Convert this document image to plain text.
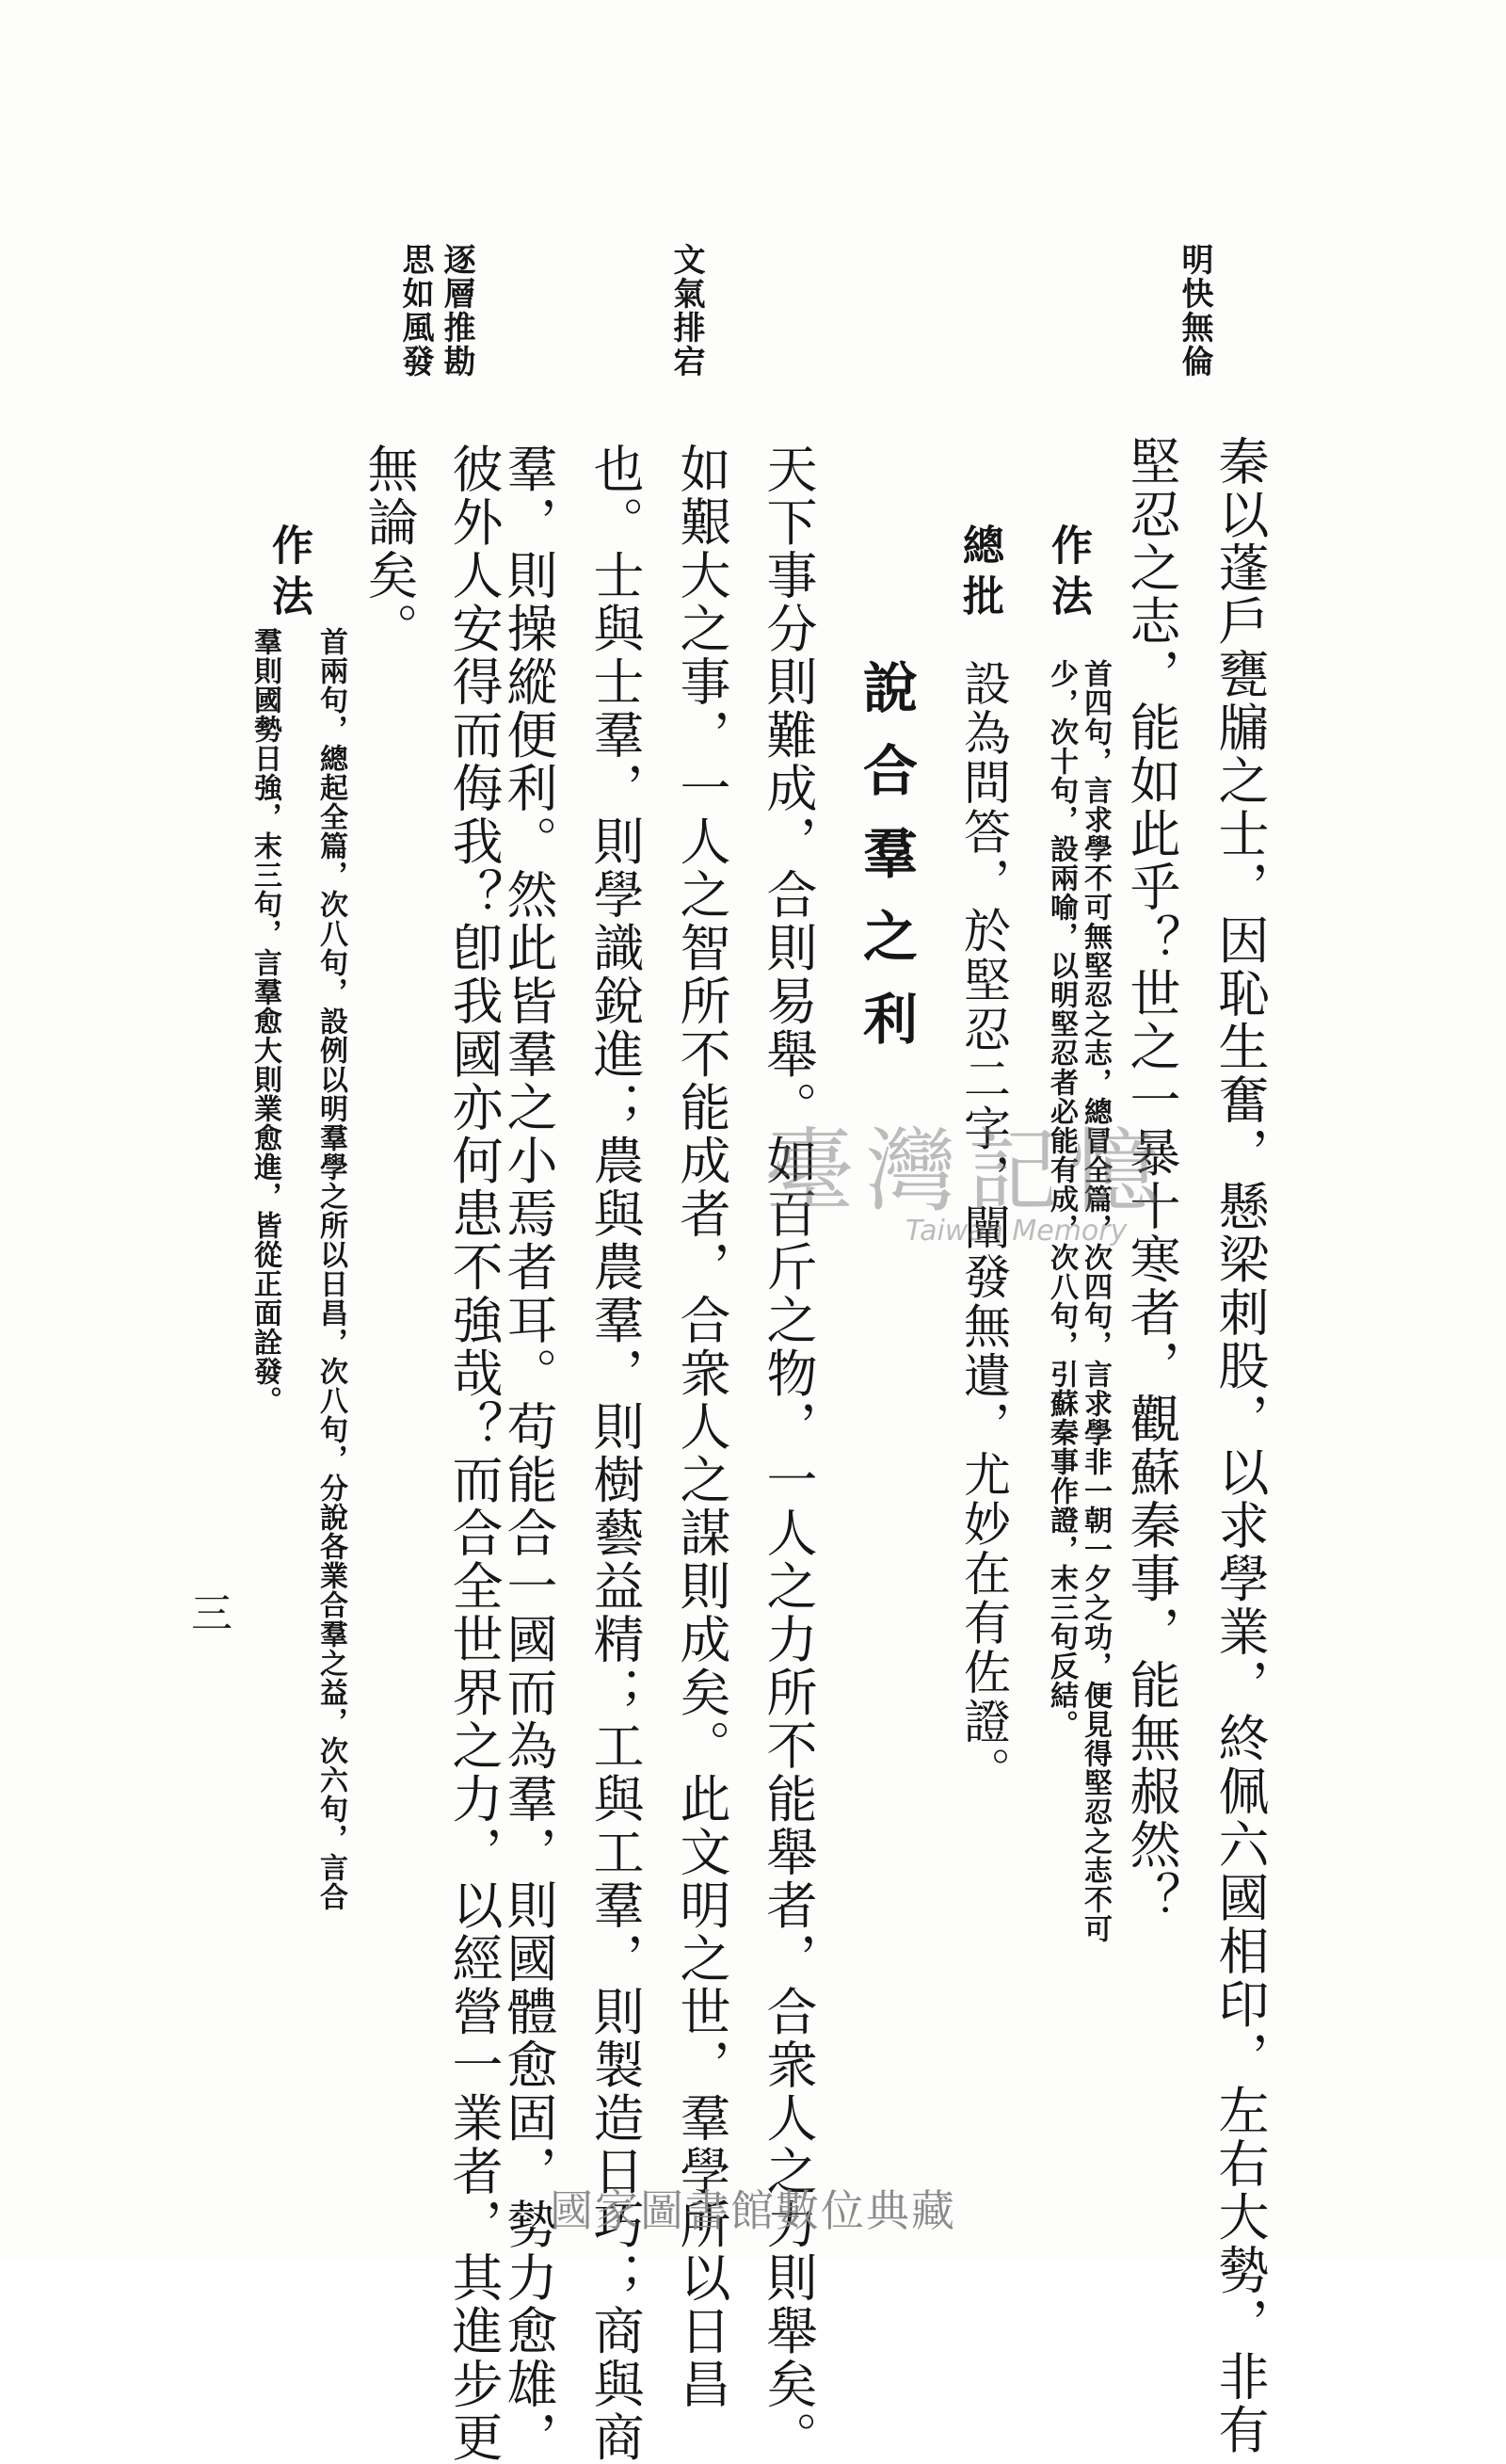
明快無倫
文氣排宕
逐層推勘
思如風發
秦以蓬戶甕牖之士，因恥生奮，懸梁刺股，以求學業，終佩六國相印，左右大勢，非有
堅忍之志，能如此乎？世之一暴十寒者，觀蘇秦事，能無赧然？
作法
首四句，言求學不可無堅忍之志，總冒全篇，次四句，言求學非一朝一夕之功，便見得堅忍之志不可
少，次十句，設兩喻，以明堅忍者必能有成，次八句，引蘇秦事作證，末三句反結。
總批
設為問答，於堅忍二字，闡發無遺，尤妙在有佐證。
說合羣之利
天下事分則難成，合則易舉。如百斤之物，一人之力所不能舉者，合衆人之力則舉矣。
如艱大之事，一人之智所不能成者，合衆人之謀則成矣。此文明之世，羣學所以日昌
也。士與士羣，則學識銳進；農與農羣，則樹藝益精；工與工羣，則製造日巧；商與商
羣，則操縱便利。然此皆羣之小焉者耳。苟能合一國而為羣，則國體愈固，勢力愈雄，
彼外人安得而侮我？卽我國亦何患不強哉？而合全世界之力，以經營一業者，其進步更
無論矣。
作法
首兩句，總起全篇，次八句，設例以明羣學之所以日昌，次八句，分說各業合羣之益，次六句，言合
羣則國勢日強，末三句，言羣愈大則業愈進，皆從正面詮發。
三
臺灣記憶
Taiwan Memory
國家圖書館數位典藏
